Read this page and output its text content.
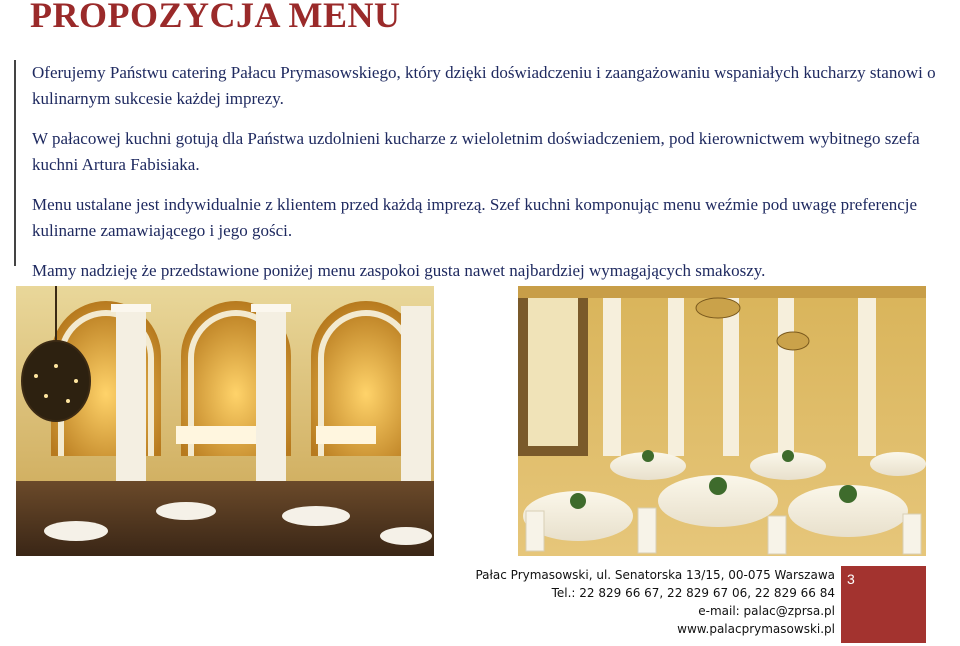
PROPOZYCJA MENU

Oferujemy Państwu catering Pałacu Prymasowskiego, który dzięki doświadczeniu i zaangażowaniu wspaniałych kucharzy stanowi o kulinarnym sukcesie każdej imprezy.

W pałacowej kuchni gotują dla Państwa uzdolnieni kucharze z wieloletnim doświadczeniem, pod kierownictwem wybitnego szefa kuchni Artura Fabisiaka.

Menu ustalane jest indywidualnie z klientem przed każdą imprezą. Szef kuchni komponując menu weźmie pod uwagę preferencje kulinarne zamawiającego i jego gości.

Mamy nadzieję że przedstawione poniżej menu zaspokoi gusta nawet najbardziej wymagających smakoszy.

Pałac Prymasowski, ul. Senatorska 13/15, 00-075 Warszawa
Tel.: 22 829 66 67, 22 829 67 06, 22 829 66 84
e-mail: palac@zprsa.pl
www.palacprymasowski.pl
3
